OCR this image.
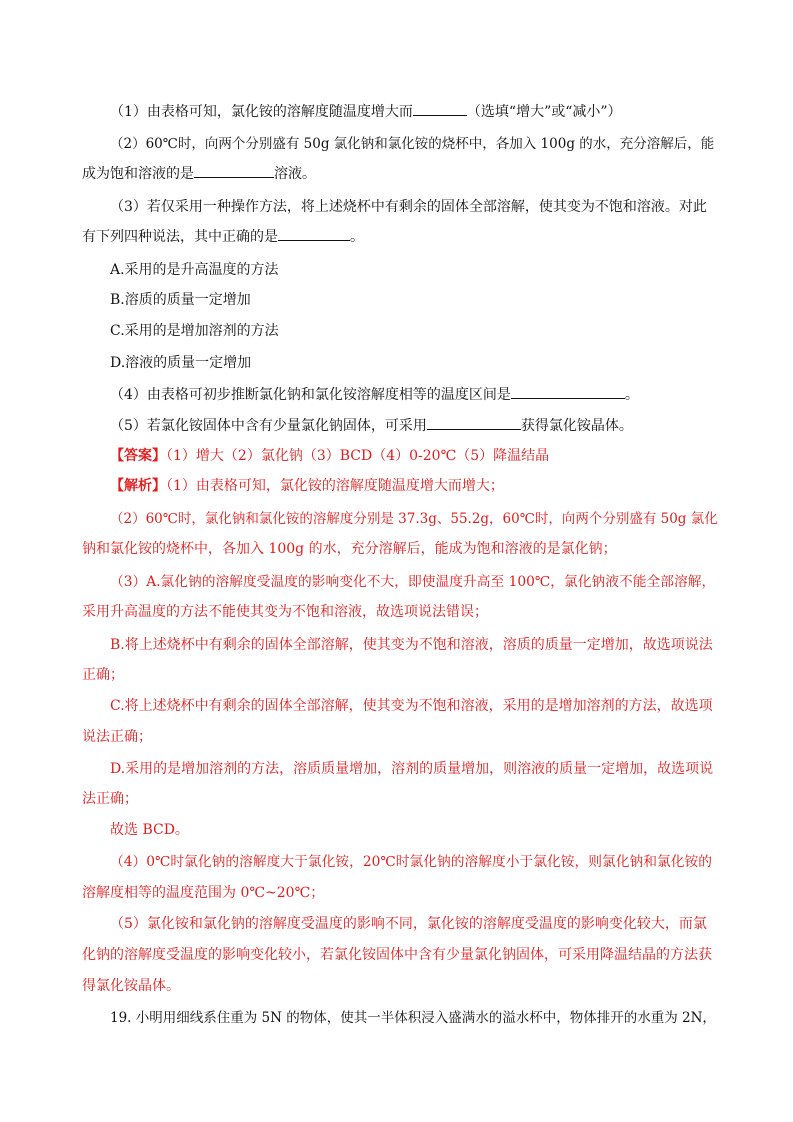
（1）由表格可知，氯化铵的溶解度随温度增大而	（选填“增大”或“减小”）
（2）60℃时，向两个分别盛有 50g 氯化钠和氯化铵的烧杯中，各加入 100g 的水，充分溶解后，能
成为饱和溶液的是	溶液。
（3）若仅采用一种操作方法，将上述烧杯中有剩余的固体全部溶解，使其变为不饱和溶液。对此
有下列四种说法，其中正确的是	。
A.采用的是升高温度的方法
B.溶质的质量一定增加
C.采用的是增加溶剂的方法
D.溶液的质量一定增加
（4）由表格可初步推断氯化钠和氯化铵溶解度相等的温度区间是	。
（5）若氯化铵固体中含有少量氯化钠固体，可采用	获得氯化铵晶体。
【答案】（1）增大（2）氯化钠（3）BCD（4）0-20℃（5）降温结晶
【解析】（1）由表格可知，氯化铵的溶解度随温度增大而增大；
（2）60℃时，氯化钠和氯化铵的溶解度分别是 37.3g、55.2g，60℃时，向两个分别盛有 50g 氯化
钠和氯化铵的烧杯中，各加入 100g 的水，充分溶解后，能成为饱和溶液的是氯化钠；
（3）A.氯化钠的溶解度受温度的影响变化不大，即使温度升高至 100℃，氯化钠液不能全部溶解，
采用升高温度的方法不能使其变为不饱和溶液，故选项说法错误；
B.将上述烧杯中有剩余的固体全部溶解，使其变为不饱和溶液，溶质的质量一定增加，故选项说法
正确；
C.将上述烧杯中有剩余的固体全部溶解，使其变为不饱和溶液，采用的是增加溶剂的方法，故选项
说法正确；
D.采用的是增加溶剂的方法，溶质质量增加，溶剂的质量增加，则溶液的质量一定增加，故选项说
法正确；
故选 BCD。
（4）0℃时氯化钠的溶解度大于氯化铵，20℃时氯化钠的溶解度小于氯化铵，则氯化钠和氯化铵的
溶解度相等的温度范围为 0℃~20℃；
（5）氯化铵和氯化钠的溶解度受温度的影响不同，氯化铵的溶解度受温度的影响变化较大，而氯
化钠的溶解度受温度的影响变化较小，若氯化铵固体中含有少量氯化钠固体，可采用降温结晶的方法获
得氯化铵晶体。
19. 小明用细线系住重为 5N 的物体，使其一半体积浸入盛满水的溢水杯中，物体排开的水重为 2N，
